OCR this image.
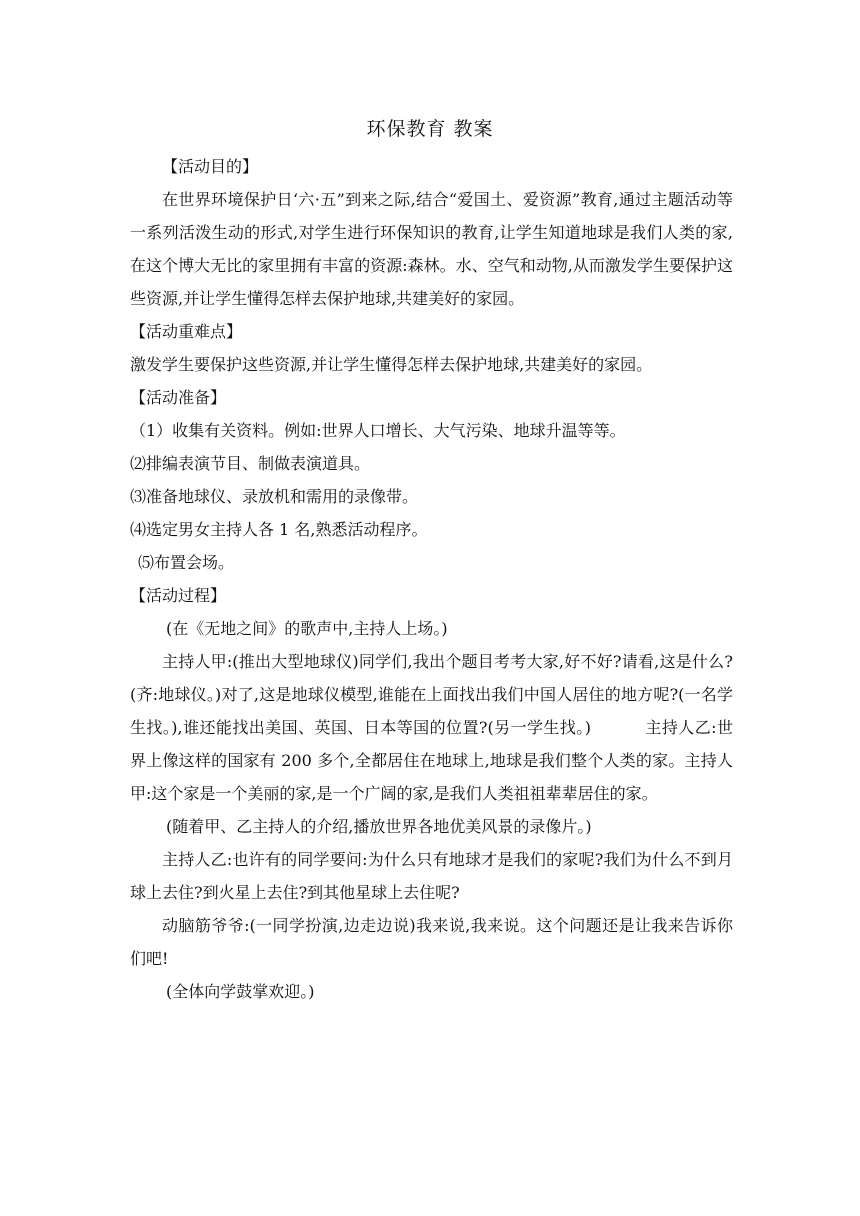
环保教育 教案

【活动目的】

在世界环境保护日‘六·五”到来之际,结合“爱国土、爱资源”教育,通过主题活动等一系列活泼生动的形式,对学生进行环保知识的教育,让学生知道地球是我们人类的家,在这个博大无比的家里拥有丰富的资源:森林。水、空气和动物,从而激发学生要保护这些资源,并让学生懂得怎样去保护地球,共建美好的家园。

【活动重难点】

激发学生要保护这些资源,并让学生懂得怎样去保护地球,共建美好的家园。

【活动准备】

（1）收集有关资料。例如:世界人口增长、大气污染、地球升温等等。

⑵排编表演节目、制做表演道具。

⑶准备地球仪、录放机和需用的录像带。

⑷选定男女主持人各 1 名,熟悉活动程序。

⑸布置会场。

【活动过程】

(在《无地之间》的歌声中,主持人上场。)

主持人甲:(推出大型地球仪)同学们,我出个题目考考大家,好不好?请看,这是什么?(齐:地球仪。)对了,这是地球仪模型,谁能在上面找出我们中国人居住的地方呢?(一名学生找。),谁还能找出美国、英国、日本等国的位置?(另一学生找。)	主持人乙:世界上像这样的国家有 200 多个,全都居住在地球上,地球是我们整个人类的家。主持人甲:这个家是一个美丽的家,是一个广阔的家,是我们人类祖祖辈辈居住的家。

(随着甲、乙主持人的介绍,播放世界各地优美风景的录像片。)

主持人乙:也许有的同学要问:为什么只有地球才是我们的家呢?我们为什么不到月球上去住?到火星上去住?到其他星球上去住呢?

动脑筋爷爷:(一同学扮演,边走边说)我来说,我来说。这个问题还是让我来告诉你们吧!

(全体向学鼓掌欢迎。)
